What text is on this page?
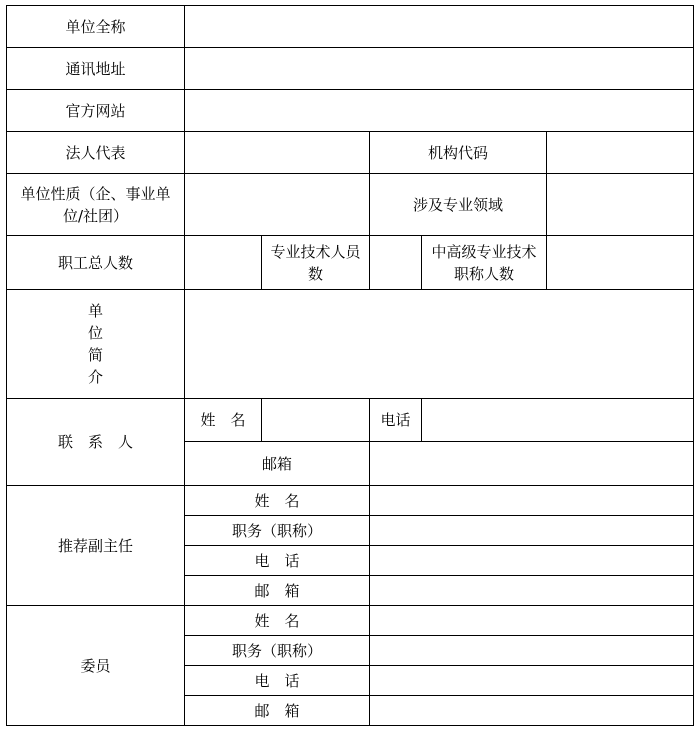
单位全称					
通讯地址					
官方网站					
法人代表			机构代码		
单位性质（企、事业单位/社团）			涉及专业领域		
职工总人数		专业技术人员数		中高级专业技术职称人数	

单
位
简
介					

联　系　人	姓　名		电话		
	邮箱				
推荐副主任	姓　名				
	职务（职称）				
	电　话				
	邮　箱				
委员	姓　名				
	职务（职称）				
	电　话				
	邮　箱				
